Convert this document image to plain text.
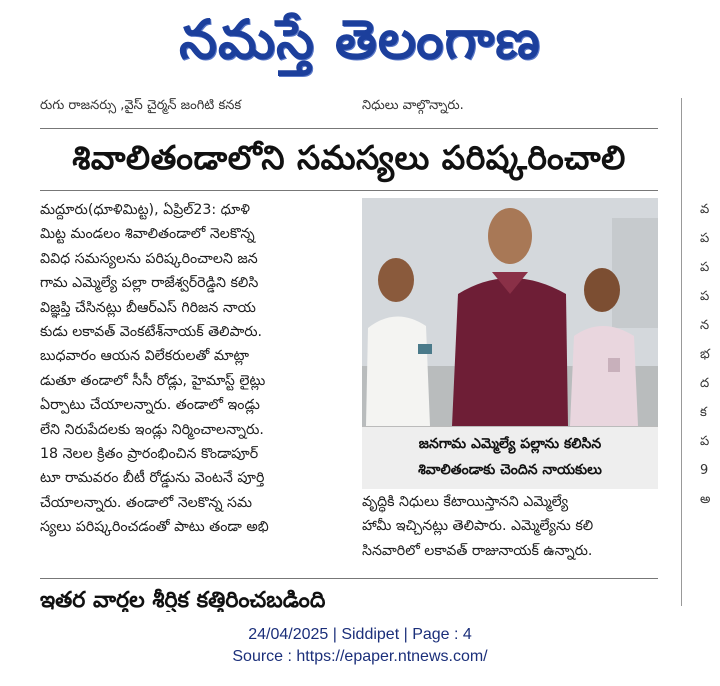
నమస్తే తెలంగాణ
రుగు రాజనర్సు ,వైస్ చైర్మన్ జంగిటి కనక	నిధులు వాల్గొన్నారు.
శివాలితండాలోని సమస్యలు పరిష్కరించాలి

మద్దూరు(ధూళిమిట్ట), ఏప్రిల్23: ధూళి

మిట్ట మండలం శివాలితండాలో నెలకొన్న

వివిధ సమస్యలను పరిష్కరించాలని జన

గామ ఎమ్మెల్యే పల్లా రాజేశ్వర్‌రెడ్డిని కలిసి

విజ్ఞప్తి చేసినట్లు బీఆర్‌ఎస్ గిరిజన నాయ

కుడు లకావత్ వెంకటేశ్‌నాయక్ తెలిపారు.

బుధవారం ఆయన విలేకరులతో మాట్లా

డుతూ తండాలో సీసీ రోడ్లు, హైమాస్ట్ లైట్లు

ఏర్పాటు చేయాలన్నారు. తండాలో ఇండ్లు

లేని నిరుపేదలకు ఇండ్లు నిర్మించాలన్నారు.

18 నెలల క్రితం ప్రారంభించిన కొండాపూర్

టూ రామవరం బీటీ రోడ్డును వెంటనే పూర్తి

చేయాలన్నారు. తండాలో నెలకొన్న సమ

స్యలు పరిష్కరించడంతో పాటు తండా అభి

జనగామ ఎమ్మెల్యే పల్లాను కలిసిన
శివాలితండాకు చెందిన నాయకులు

వృద్ధికి నిధులు కేటాయిస్తానని ఎమ్మెల్యే

హామీ ఇచ్చినట్లు తెలిపారు. ఎమ్మెల్యేను కలి

సినవారిలో లకావత్ రాజునాయక్ ఉన్నారు.

వ
ప
ప
ప
న
భ
ద
క
ప
9
అ
ఇతర వార్తల శీర్షిక కత్తిరించబడింది
24/04/2025 | Siddipet | Page : 4
Source : https://epaper.ntnews.com/
